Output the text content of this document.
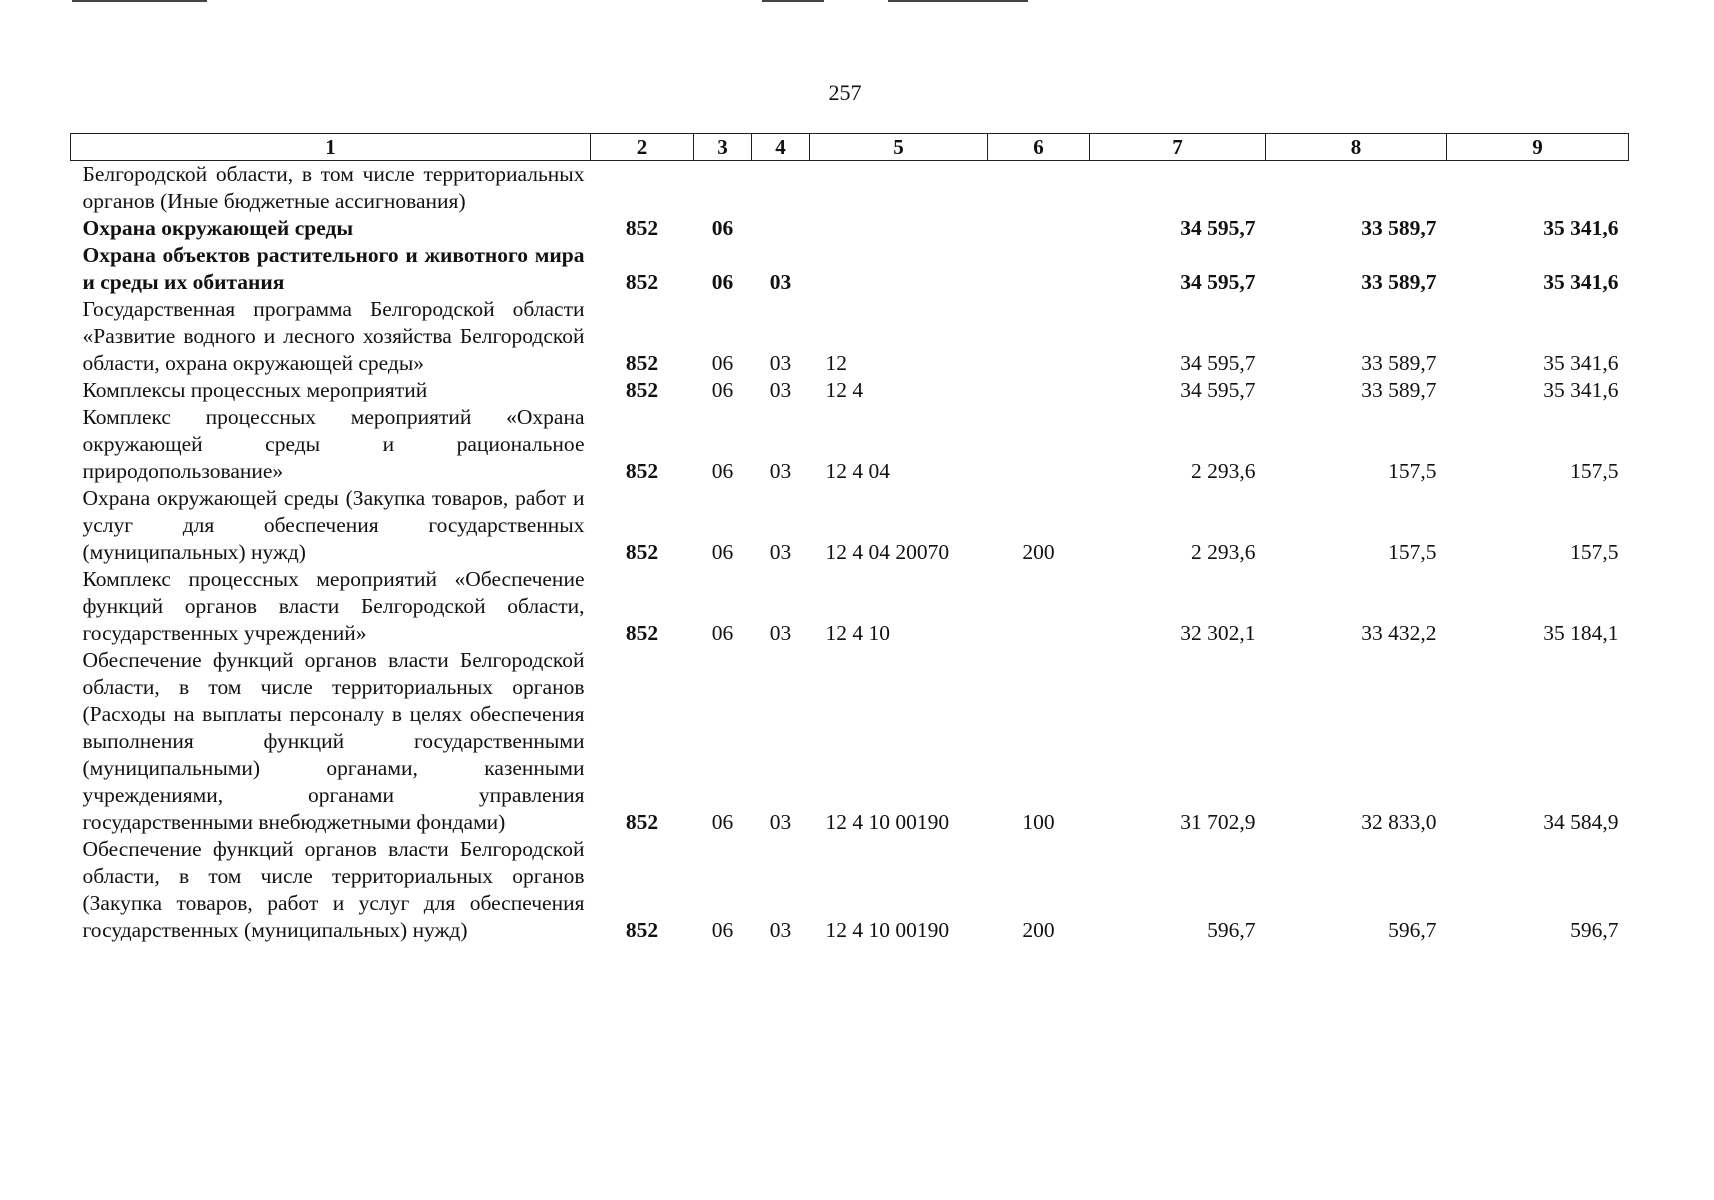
257
1	2	3	4	5	6	7	8	9
Белгородской области, в том числе территориальных органов (Иные бюджетные ассигнования)								
Охрана окружающей среды	852	06				34 595,7	33 589,7	35 341,6
Охрана объектов растительного и животного мира и среды их обитания	852	06	03			34 595,7	33 589,7	35 341,6
Государственная программа Белгородской области «Развитие водного и лесного хозяйства Белгородской области, охрана окружающей среды»	852	06	03	12		34 595,7	33 589,7	35 341,6
Комплексы процессных мероприятий	852	06	03	12 4		34 595,7	33 589,7	35 341,6
Комплекс процессных мероприятий «Охрана окружающей среды и рациональное природопользование»	852	06	03	12 4 04		2 293,6	157,5	157,5
Охрана окружающей среды (Закупка товаров, работ и услуг для обеспечения государственных (муниципальных) нужд)	852	06	03	12 4 04 20070	200	2 293,6	157,5	157,5
Комплекс процессных мероприятий «Обеспечение функций органов власти Белгородской области, государственных учреждений»	852	06	03	12 4 10		32 302,1	33 432,2	35 184,1
Обеспечение функций органов власти Белгородской области, в том числе территориальных органов (Расходы на выплаты персоналу в целях обеспечения выполнения функций государственными (муниципальными) органами, казенными учреждениями, органами управления государственными внебюджетными фондами)	852	06	03	12 4 10 00190	100	31 702,9	32 833,0	34 584,9
Обеспечение функций органов власти Белгородской области, в том числе территориальных органов (Закупка товаров, работ и услуг для обеспечения государственных (муниципальных) нужд)	852	06	03	12 4 10 00190	200	596,7	596,7	596,7
